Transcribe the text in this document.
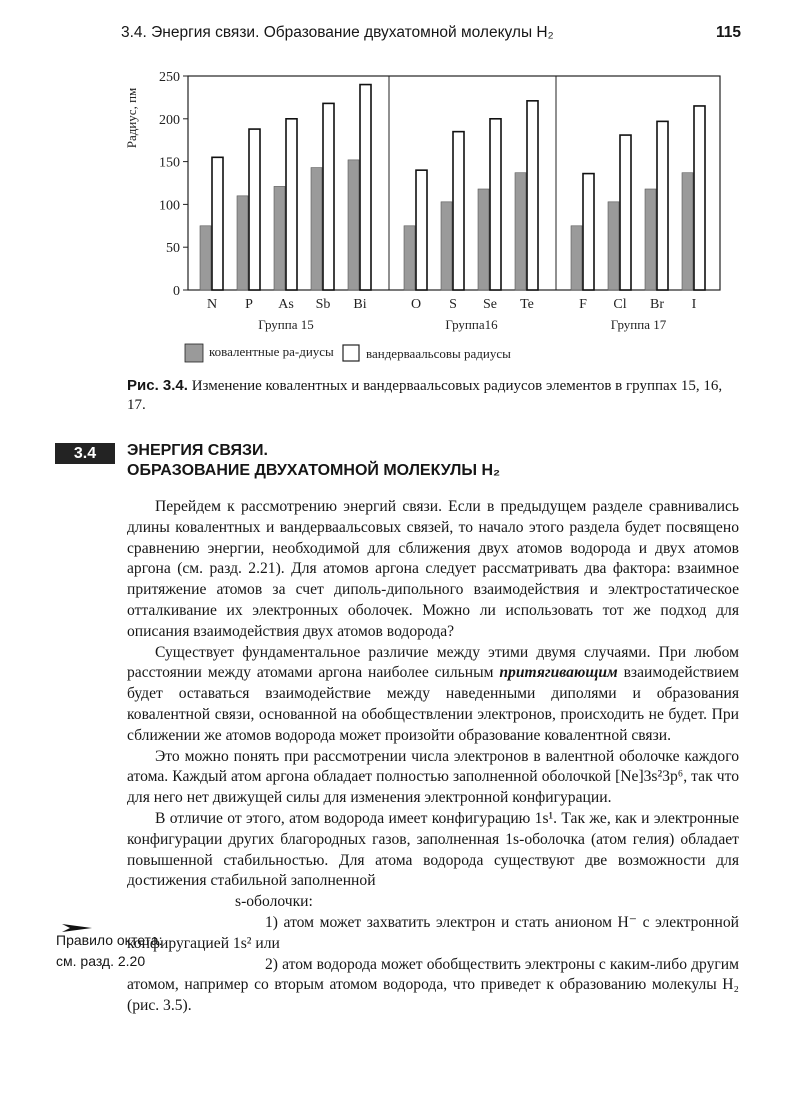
3.4. Энергия связи. Образование двухатомной молекулы H₂	115
0
50
100
150
200
250
N P As Sb Bi
Группа 15
O S Se Te
Группа16
F Cl Br I
Группа 17
Радиус, пм
ковалентные ра-диусы вандерваальсовы радиусы
Рис. 3.4. Изменение ковалентных и вандерваальсовых радиусов элементов в группах 15, 16, 17.
3.4	ЭНЕРГИЯ СВЯЗИ.
ОБРАЗОВАНИЕ ДВУХАТОМНОЙ МОЛЕКУЛЫ H₂

Перейдем к рассмотрению энергий связи. Если в предыдущем разделе сравнивались длины ковалентных и вандерваальсовых связей, то начало этого раздела будет посвящено сравнению энергии, необходимой для сближения двух атомов водорода и двух атомов аргона (см. разд. 2.21). Для атомов аргона следует рассматривать два фактора: взаимное притяжение атомов за счет диполь-дипольного взаимодействия и электростатическое отталкивание их электронных оболочек. Можно ли использовать тот же подход для описания взаимодействия двух атомов водорода?

Существует фундаментальное различие между этими двумя случаями. При любом расстоянии между атомами аргона наиболее сильным притягивающим взаимодействием будет оставаться взаимодействие между наведенными диполями и образования ковалентной связи, основанной на обобществлении электронов, происходить не будет. При сближении же атомов водорода может произойти образование ковалентной связи.

Это можно понять при рассмотрении числа электронов в валентной оболочке каждого атома. Каждый атом аргона обладает полностью заполненной оболочкой [Ne]3s²3p⁶, так что для него нет движущей силы для изменения электронной конфигурации.

В отличие от этого, атом водорода имеет конфигурацию 1s¹. Так же, как и электронные конфигурации других благородных газов, заполненная 1s-оболочка (атом гелия) обладает повышенной стабильностью. Для атома водорода существуют две возможности для достижения стабильной заполненной

s-оболочки:

1) атом может захватить электрон и стать анионом H⁻ с электронной конфиругацией 1s² или

2) атом водорода может обобществить электроны с каким-либо другим атомом, например со вторым атомом водорода, что приведет к образованию молекулы H₂ (рис. 3.5).

Правило октета:
см. разд. 2.20
